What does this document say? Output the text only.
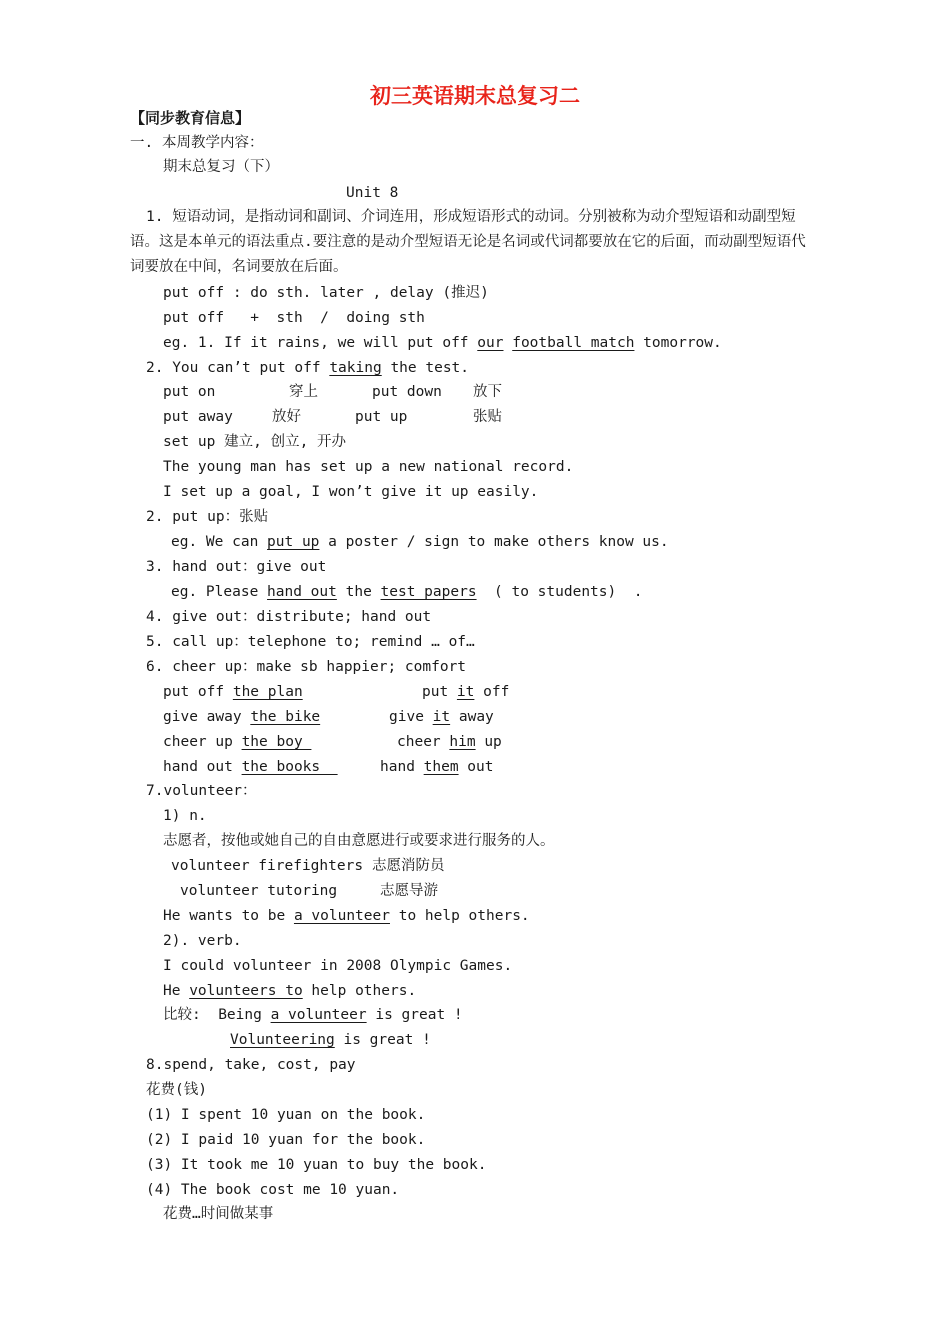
初三英语期末总复习二
【同步教育信息】
一. 本周教学内容：
期末总复习（下）
Unit 8
1. 短语动词，是指动词和副词、介词连用，形成短语形式的动词。分别被称为动介型短语和动副型短语。这是本单元的语法重点.要注意的是动介型短语无论是名词或代词都要放在它的后面，而动副型短语代词要放在中间，名词要放在后面。
put off : do sth. later , delay (推迟)
put off   +  sth  /  doing sth
eg. 1. If it rains, we will put off our football match tomorrow.
2. You can’t put off taking the test.
put on	穿上	put down 放下
put away	放好	put up	张贴
set up 建立, 创立, 开办
The young man has set up a new national record.
I set up a goal, I won’t give it up easily.
2. put up：张贴
eg. We can put up a poster / sign to make others know us.
3. hand out：give out
eg. Please hand out the test papers  ( to students)  .
4. give out：distribute; hand out
5. call up：telephone to; remind … of…
6. cheer up：make sb happier; comfort
put off the plan	put it off
give away the bike	give it away
cheer up the boy	cheer him up
hand out the books	hand them out
7.volunteer：
1) n.
志愿者，按他或她自己的自由意愿进行或要求进行服务的人。
volunteer firefighters 志愿消防员
volunteer tutoring	志愿导游
He wants to be a volunteer to help others.
2). verb.
I could volunteer in 2008 Olympic Games.
He volunteers to help others.
比较:  Being a volunteer is great !
Volunteering is great !
8.spend, take, cost, pay
花费(钱)
(1) I spent 10 yuan on the book.
(2) I paid 10 yuan for the book.
(3) It took me 10 yuan to buy the book.
(4) The book cost me 10 yuan.
花费…时间做某事
